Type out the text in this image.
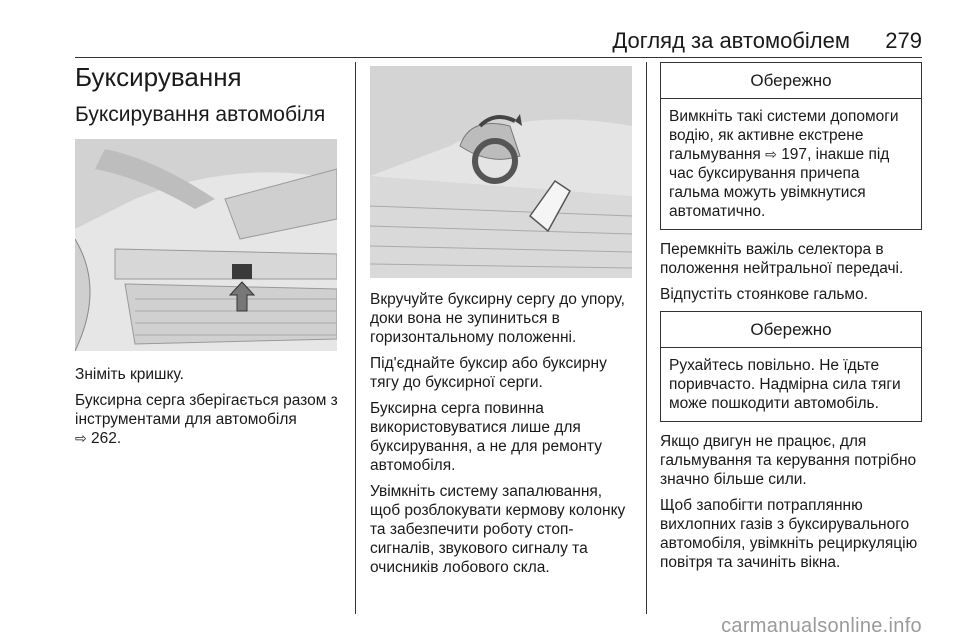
Догляд за автомобілем 279
Буксирування
Буксирування автомобіля

Зніміть кришку.

Буксирна серга зберігається разом з інструментами для автомобіля
⇨ 262.

Вкручуйте буксирну сергу до упору, доки вона не зупиниться в горизонтальному положенні.

Під'єднайте буксир або буксирну тягу до буксирної серги.

Буксирна серга повинна використовуватися лише для буксирування, а не для ремонту автомобіля.

Увімкніть систему запалювання, щоб розблокувати кермову колонку та забезпечити роботу стоп-сигналів, звукового сигналу та очисників лобового скла.

Обережно
Вимкніть такі системи допомоги водію, як активне екстрене гальмування ⇨ 197, інакше під час буксирування причепа гальма можуть увімкнутися автоматично.

Перемкніть важіль селектора в положення нейтральної передачі.

Відпустіть стоянкове гальмо.

Обережно
Рухайтесь повільно. Не їдьте поривчасто. Надмірна сила тяги може пошкодити автомобіль.

Якщо двигун не працює, для гальмування та керування потрібно значно більше сили.

Щоб запобігти потраплянню вихлопних газів з буксирувального автомобіля, увімкніть рециркуляцію повітря та зачиніть вікна.

carmanualsonline.info
